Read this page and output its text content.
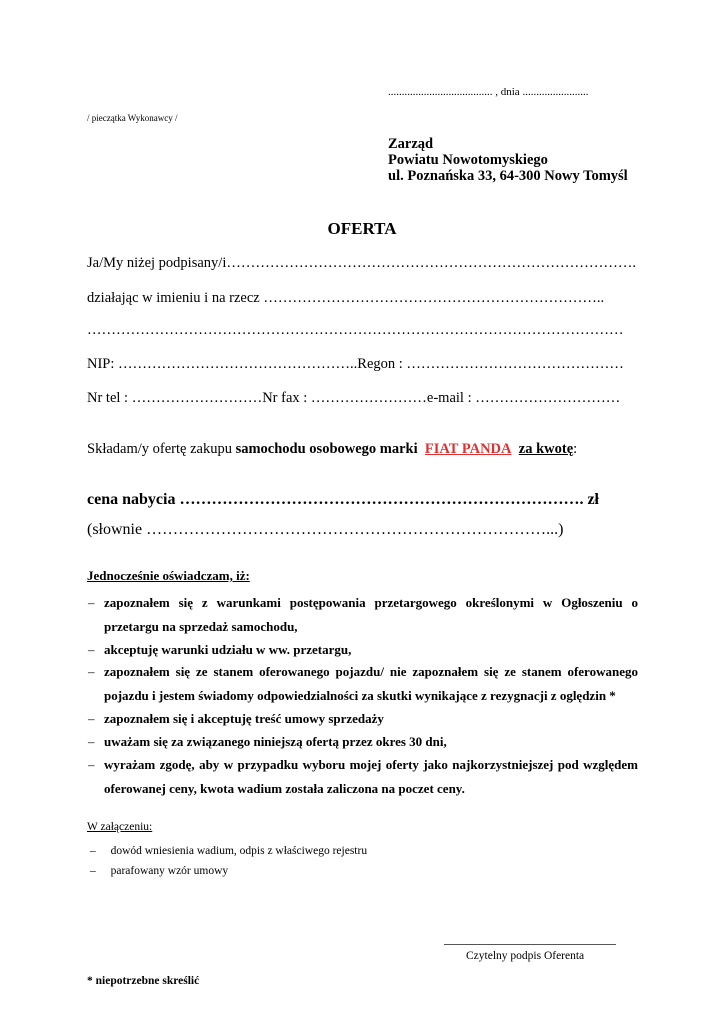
...................................... , dnia ........................
/ pieczątka Wykonawcy /
Zarząd
Powiatu Nowotomyskiego
ul. Poznańska 33, 64-300 Nowy Tomyśl
OFERTA
Ja/My niżej podpisany/i………………………………………………………………………….
działając w imieniu i na rzecz ……………………………………………………………..
…………………………………………………………………………………………………
NIP: …………………………………………..Regon : ………………………………………
Nr tel : ………………………Nr fax : ……………………e-mail : …………………………
Składam/y ofertę zakupu samochodu osobowego marki FIAT PANDA za kwotę:
cena nabycia …………………………………………………………………. zł
(słownie …………………………………………………………………...)
Jednocześnie oświadczam, iż:
– zapoznałem się z warunkami postępowania przetargowego określonymi w Ogłoszeniu o przetargu na sprzedaż samochodu,
– akceptuję warunki udziału w ww. przetargu,
– zapoznałem się ze stanem oferowanego pojazdu/ nie zapoznałem się ze stanem oferowanego pojazdu i jestem świadomy odpowiedzialności za skutki wynikające z rezygnacji z oględzin *
– zapoznałem się i akceptuję treść umowy sprzedaży
– uważam się za związanego niniejszą ofertą przez okres 30 dni,
– wyrażam zgodę, aby w przypadku wyboru mojej oferty jako najkorzystniejszej pod względem oferowanej ceny, kwota wadium została zaliczona na poczet ceny.
W załączeniu:
– dowód wniesienia wadium, odpis z właściwego rejestru
– parafowany wzór umowy
Czytelny podpis Oferenta
* niepotrzebne skreślić
